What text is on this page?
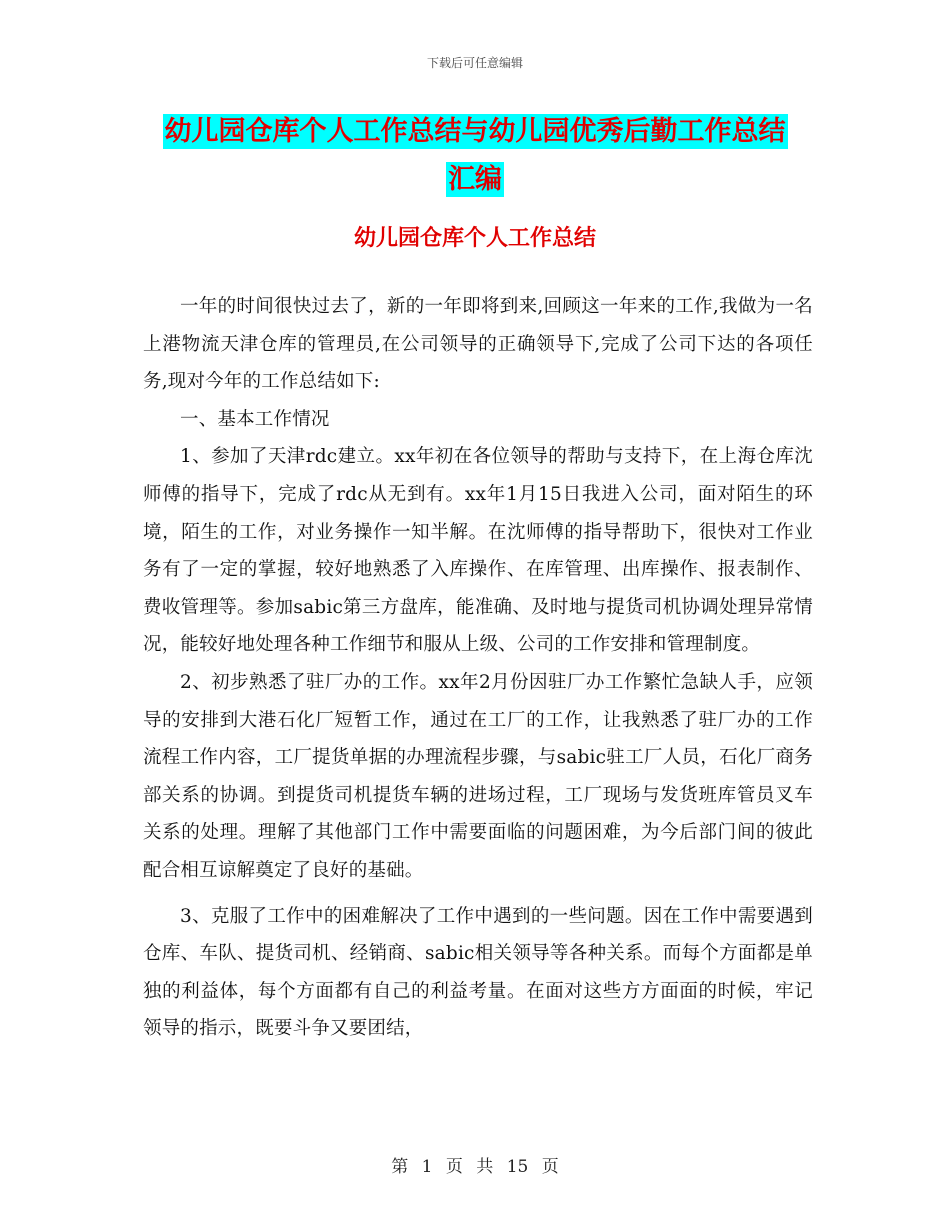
下载后可任意编辑
幼儿园仓库个人工作总结与幼儿园优秀后勤工作总结
汇编
幼儿园仓库个人工作总结

一年的时间很快过去了，新的一年即将到来,回顾这一年来的工作,我做为一名上港物流天津仓库的管理员,在公司领导的正确领导下,完成了公司下达的各项任务,现对今年的工作总结如下:

一、基本工作情况

1、参加了天津rdc建立。xx年初在各位领导的帮助与支持下，在上海仓库沈师傅的指导下，完成了rdc从无到有。xx年1月15日我进入公司，面对陌生的环境，陌生的工作，对业务操作一知半解。在沈师傅的指导帮助下，很快对工作业务有了一定的掌握，较好地熟悉了入库操作、在库管理、出库操作、报表制作、费收管理等。参加sabic第三方盘库，能准确、及时地与提货司机协调处理异常情况，能较好地处理各种工作细节和服从上级、公司的工作安排和管理制度。

2、初步熟悉了驻厂办的工作。xx年2月份因驻厂办工作繁忙急缺人手，应领导的安排到大港石化厂短暂工作，通过在工厂的工作，让我熟悉了驻厂办的工作流程工作内容，工厂提货单据的办理流程步骤，与sabic驻工厂人员，石化厂商务部关系的协调。到提货司机提货车辆的进场过程，工厂现场与发货班库管员叉车关系的处理。理解了其他部门工作中需要面临的问题困难，为今后部门间的彼此配合相互谅解奠定了良好的基础。

3、克服了工作中的困难解决了工作中遇到的一些问题。因在工作中需要遇到仓库、车队、提货司机、经销商、sabic相关领导等各种关系。而每个方面都是单独的利益体，每个方面都有自己的利益考量。在面对这些方方面面的时候，牢记领导的指示，既要斗争又要团结，

第 1 页 共 15 页
